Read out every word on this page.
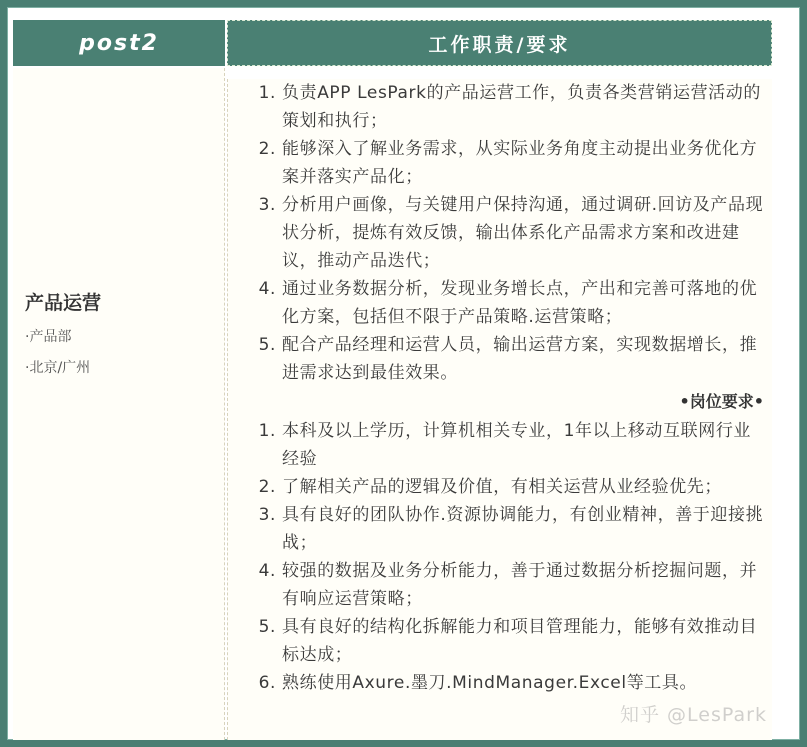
post2	工作职责/要求
产品运营
·产品部
·北京/广州
1. 负责APP LesPark的产品运营工作，负责各类营销运营活动的策划和执行；
2. 能够深入了解业务需求，从实际业务角度主动提出业务优化方案并落实产品化；
3. 分析用户画像，与关键用户保持沟通，通过调研.回访及产品现状分析，提炼有效反馈，输出体系化产品需求方案和改进建议，推动产品迭代；
4. 通过业务数据分析，发现业务增长点，产出和完善可落地的优化方案，包括但不限于产品策略.运营策略；
5. 配合产品经理和运营人员，输出运营方案，实现数据增长，推进需求达到最佳效果。
•岗位要求•
1. 本科及以上学历，计算机相关专业，1年以上移动互联网行业经验
2. 了解相关产品的逻辑及价值，有相关运营从业经验优先；
3. 具有良好的团队协作.资源协调能力，有创业精神，善于迎接挑战；
4. 较强的数据及业务分析能力，善于通过数据分析挖掘问题，并有响应运营策略；
5. 具有良好的结构化拆解能力和项目管理能力，能够有效推动目标达成；
6. 熟练使用Axure.墨刀.MindManager.Excel等工具。
知乎 @LesPark
